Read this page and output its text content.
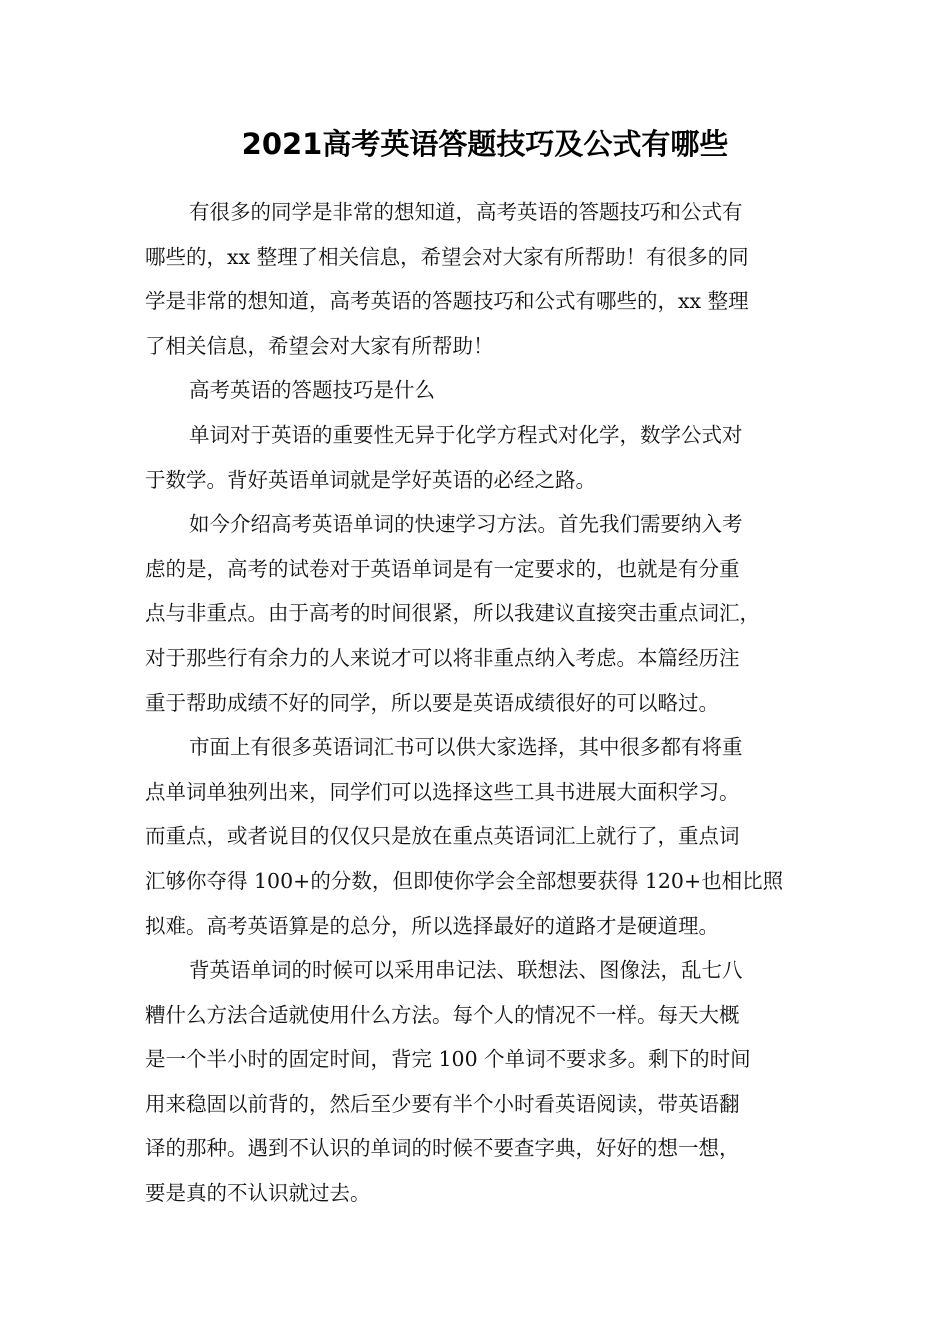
2021高考英语答题技巧及公式有哪些

有很多的同学是非常的想知道，高考英语的答题技巧和公式有
哪些的，xx 整理了相关信息，希望会对大家有所帮助！有很多的同
学是非常的想知道，高考英语的答题技巧和公式有哪些的，xx 整理
了相关信息，希望会对大家有所帮助！

高考英语的答题技巧是什么

单词对于英语的重要性无异于化学方程式对化学，数学公式对
于数学。背好英语单词就是学好英语的必经之路。

如今介绍高考英语单词的快速学习方法。首先我们需要纳入考
虑的是，高考的试卷对于英语单词是有一定要求的，也就是有分重
点与非重点。由于高考的时间很紧，所以我建议直接突击重点词汇，
对于那些行有余力的人来说才可以将非重点纳入考虑。本篇经历注
重于帮助成绩不好的同学，所以要是英语成绩很好的可以略过。

市面上有很多英语词汇书可以供大家选择，其中很多都有将重
点单词单独列出来，同学们可以选择这些工具书进展大面积学习。
而重点，或者说目的仅仅只是放在重点英语词汇上就行了，重点词
汇够你夺得 100+的分数，但即使你学会全部想要获得 120+也相比照
拟难。高考英语算是的总分，所以选择最好的道路才是硬道理。

背英语单词的时候可以采用串记法、联想法、图像法，乱七八
糟什么方法合适就使用什么方法。每个人的情况不一样。每天大概
是一个半小时的固定时间，背完 100 个单词不要求多。剩下的时间
用来稳固以前背的，然后至少要有半个小时看英语阅读，带英语翻
译的那种。遇到不认识的单词的时候不要查字典，好好的想一想，
要是真的不认识就过去。
